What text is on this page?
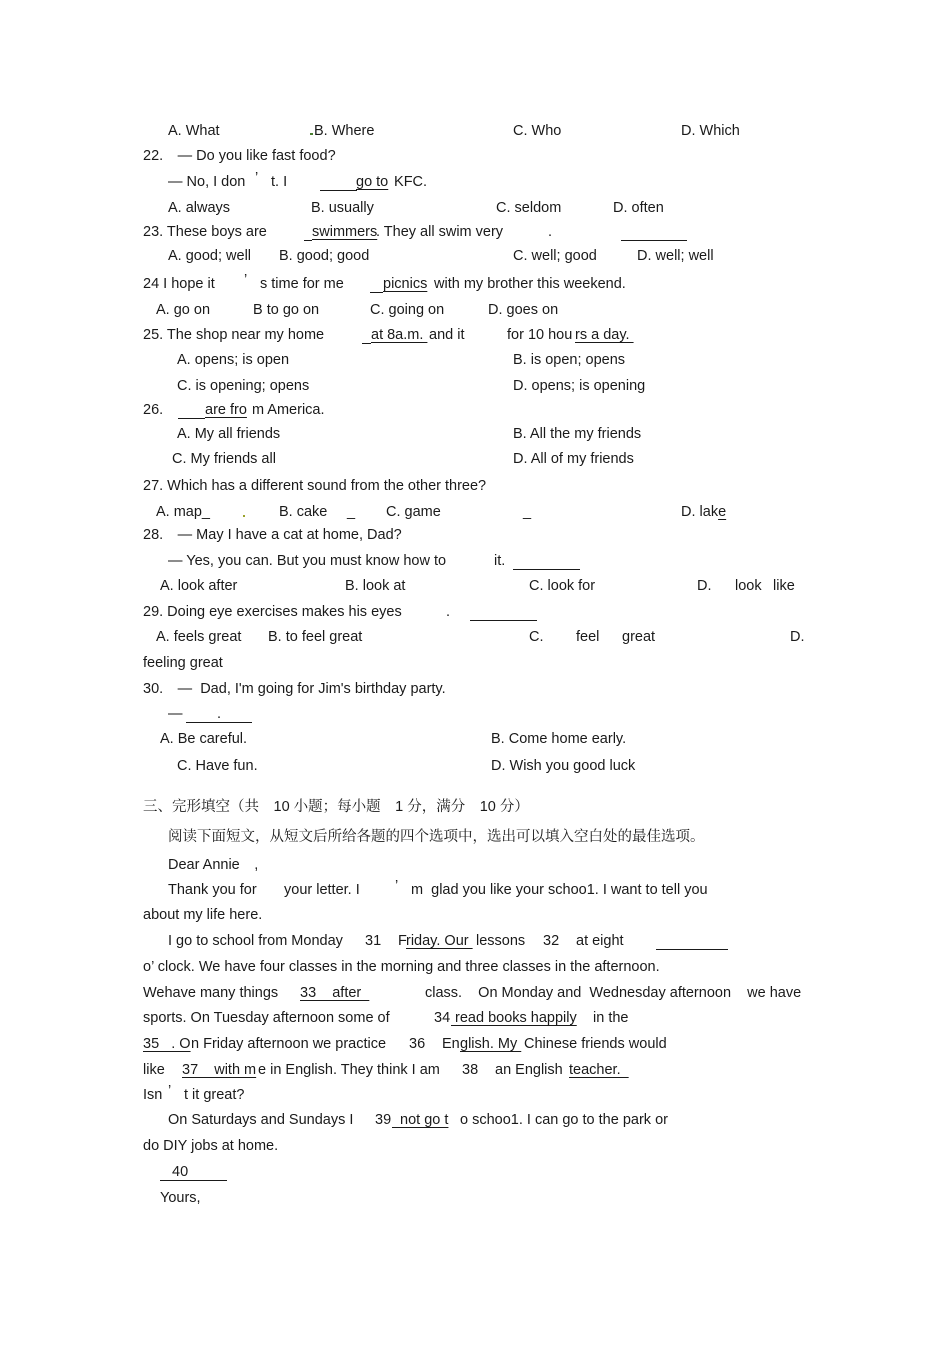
A. What	B. Where	C. Who	D. Which
22.　— Do you like fast food?
— No, I don ’ t. I	go to KFC.
A. always	B. usually	C. seldom	D. often
23. These boys are	swimmers
. They all swim very	.
A. good; well B. good; good	C. well; good	D. well; well
24 I hope it ’ s time for me	picnics with my brother this weekend.
A. go on	B to go on	C. going on	D. goes on
25. The shop near my home	at 8a.m. and it	for 10 hou rs a day.
A. opens; is open	B. is open; opens
C. is opening; opens	D. opens; is opening
26.	are fro m America.
A. My all friends	B. All the my friends
C. My friends all	D. All of my friends
27. Which has a different sound from the other three?
A. map_	B. cake _ C. game	_	D. lake
28.　— May I have a cat at home, Dad?
— Yes, you can. But you must know how to	it.
A. look after	B. look at	C. look for	D. look like
29. Doing eye exercises makes his eyes	.
A. feels great B. to feel great	C. feel great	D.
feeling great
30.　—  Dad, I'm going for Jim's birthday party.
— .
A. Be careful.	B. Come home early.
C. Have fun.	D. Wish you good luck
三、完形填空（共　10 小题；每小题　1 分，满分　10 分）
阅读下面短文，从短文后所给各题的四个选项中，选出可以填入空白处的最佳选项。
Dear Annie　,
Thank you for your letter. I ’ m  glad you like your schoo1. I want to tell you
about my life here.
I go to school from Monday 31 F riday. Our lessons 32 at eight
o’ clock. We have four classes in the morning and three classes in the afternoon.
Wehave many things 33    after	class.    On Monday and  Wednesday afternoon    we have
sports. On Tuesday afternoon some of	34 read books happily in the
35   . O n Friday afternoon we practice 36 En glish. My Chinese friends would
like 37    with m e in English. They think I am 38 an English teacher.
Isn ’ t it great?
On Saturdays and Sundays I 39 not go t o schoo1. I can go to the park or
do DIY jobs at home.
40
Yours,
